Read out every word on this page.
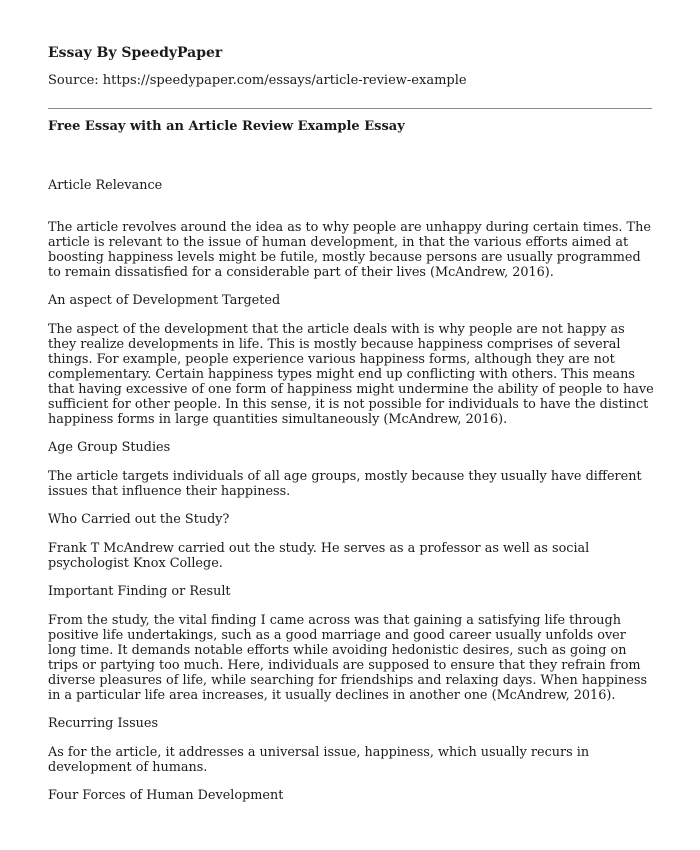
Essay By SpeedyPaper
Source: https://speedypaper.com/essays/article-review-example
Free Essay with an Article Review Example Essay

Article Relevance

The article revolves around the idea as to why people are unhappy during certain times. The article is relevant to the issue of human development, in that the various efforts aimed at boosting happiness levels might be futile, mostly because persons are usually programmed to remain dissatisfied for a considerable part of their lives (McAndrew, 2016).

An aspect of Development Targeted

The aspect of the development that the article deals with is why people are not happy as they realize developments in life. This is mostly because happiness comprises of several things. For example, people experience various happiness forms, although they are not complementary. Certain happiness types might end up conflicting with others. This means that having excessive of one form of happiness might undermine the ability of people to have sufficient for other people. In this sense, it is not possible for individuals to have the distinct happiness forms in large quantities simultaneously (McAndrew, 2016).

Age Group Studies

The article targets individuals of all age groups, mostly because they usually have different issues that influence their happiness.

Who Carried out the Study?

Frank T McAndrew carried out the study. He serves as a professor as well as social psychologist Knox College.

Important Finding or Result

From the study, the vital finding I came across was that gaining a satisfying life through positive life undertakings, such as a good marriage and good career usually unfolds over long time. It demands notable efforts while avoiding hedonistic desires, such as going on trips or partying too much. Here, individuals are supposed to ensure that they refrain from diverse pleasures of life, while searching for friendships and relaxing days. When happiness in a particular life area increases, it usually declines in another one (McAndrew, 2016).

Recurring Issues

As for the article, it addresses a universal issue, happiness, which usually recurs in development of humans.

Four Forces of Human Development
